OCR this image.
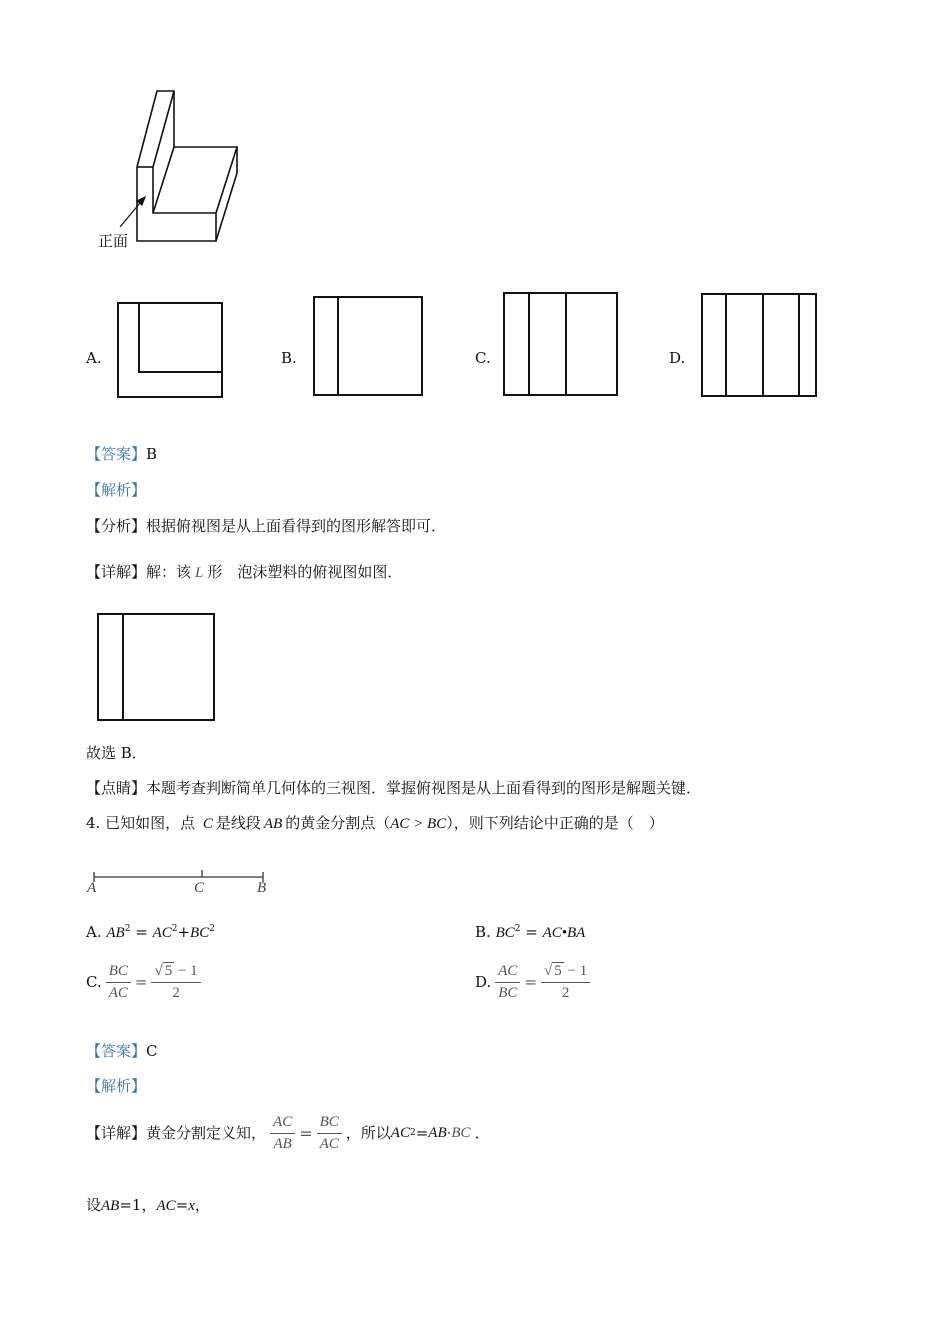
正面
A.	B.	C.	D.
【答案】B
【解析】
【分析】根据俯视图是从上面看得到的图形解答即可．
【详解】解：该 L 形　泡沫塑料的俯视图如图．
故选 B．
【点睛】本题考查判断简单几何体的三视图．掌握俯视图是从上面看得到的图形是解题关键．
4. 已知如图，点 C 是线段 AB 的黄金分割点（AC > BC），则下列结论中正确的是（　）
A	C	B
A. $AB^2 = AC^2+BC^2$	B. $BC^2$ = AC•BA
C. $\frac{BC}{AC} = \frac{√ 5 - 1}{2}$	D. $\frac{AC}{BC} = \frac{√ 5 - 1}{2}$
【答案】C
【解析】
【详解】 黄金分割定义知， $\frac{AC}{AB} = \frac{BC}{AC}$ ，所以 AC 2 = AB · BC ．
设AB=1，AC=x，
